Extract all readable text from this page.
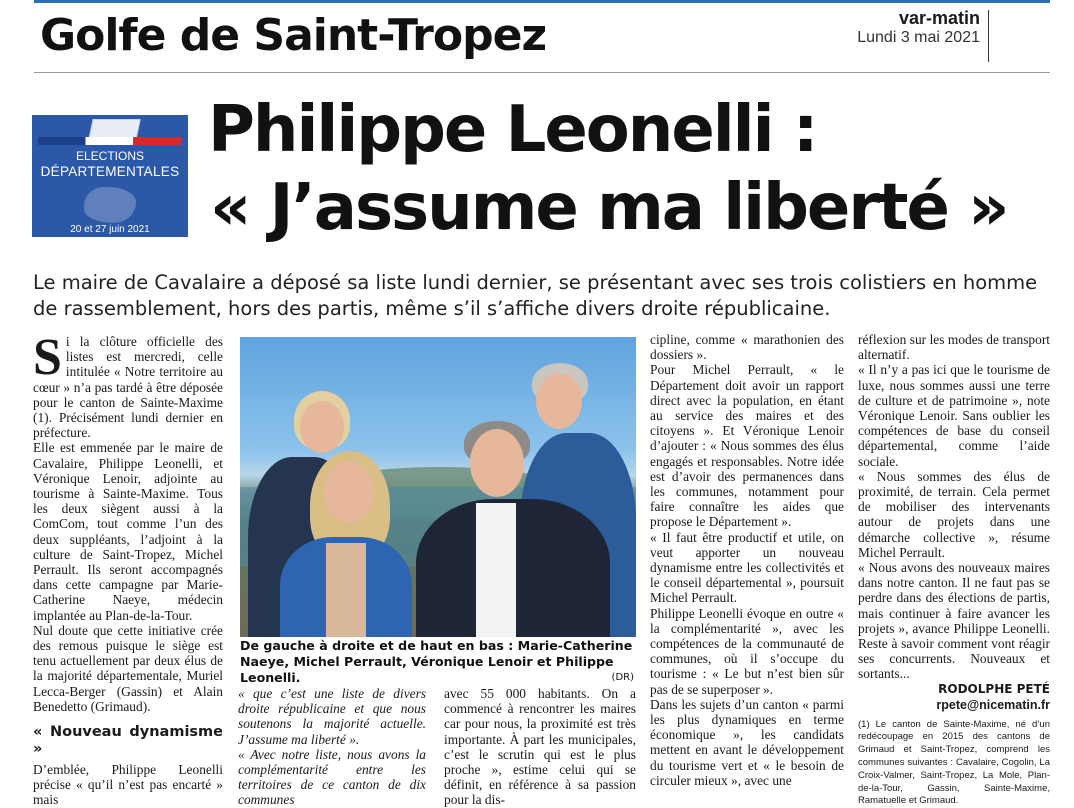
Golfe de Saint-Tropez	var-matin
Lundi 3 mai 2021
ELECTIONS
DÉPARTEMENTALES
20 et 27 juin 2021
Philippe Leonelli :
« J’assume ma liberté »
Le maire de Cavalaire a déposé sa liste lundi dernier, se présentant avec ses trois colistiers en homme de rassemblement, hors des partis, même s’il s’affiche divers droite républicaine.

Si la clôture officielle des listes est mercredi, celle intitulée « Notre territoire au cœur » n’a pas tardé à être déposée pour le canton de Sainte-Maxime (1). Précisément lundi dernier en préfecture.

Elle est emmenée par le maire de Cavalaire, Philippe Leonelli, et Véronique Lenoir, adjointe au tourisme à Sainte-Maxime. Tous les deux siègent aussi à la ComCom, tout comme l’un des deux suppléants, l’adjoint à la culture de Saint-Tropez, Michel Perrault. Ils seront accompagnés dans cette campagne par Marie-Catherine Naeye, médecin implantée au Plan-de-la-Tour.

Nul doute que cette initiative crée des remous puisque le siège est tenu actuellement par deux élus de la majorité départementale, Muriel Lecca-Berger (Gassin) et Alain Benedetto (Grimaud).

« Nouveau dynamisme »

D’emblée, Philippe Leonelli précise « qu’il n’est pas encarté » mais

De gauche à droite et de haut en bas : Marie-Catherine Naeye, Michel Perrault, Véronique Lenoir et Philippe Leonelli.	(DR)

« que c’est une liste de divers droite républicaine et que nous soutenons la majorité actuelle. J’assume ma liberté ».

« Avec notre liste, nous avons la complémentarité entre les territoires de ce canton de dix communes

avec 55 000 habitants. On a commencé à rencontrer les maires car pour nous, la proximité est très importante. À part les municipales, c’est le scrutin qui est le plus proche », estime celui qui se définit, en référence à sa passion pour la dis-

cipline, comme « marathonien des dossiers ».

Pour Michel Perrault, « le Département doit avoir un rapport direct avec la population, en étant au service des maires et des citoyens ». Et Véronique Lenoir d’ajouter : « Nous sommes des élus engagés et responsables. Notre idée est d’avoir des permanences dans les communes, notamment pour faire connaître les aides que propose le Département ».

« Il faut être productif et utile, on veut apporter un nouveau dynamisme entre les collectivités et le conseil départemental », poursuit Michel Perrault.

Philippe Leonelli évoque en outre « la complémentarité », avec les compétences de la communauté de communes, où il s’occupe du tourisme : « Le but n’est bien sûr pas de se superposer ».

Dans les sujets d’un canton « parmi les plus dynamiques en terme économique », les candidats mettent en avant le développement du tourisme vert et « le besoin de circuler mieux », avec une

réflexion sur les modes de transport alternatif.

« Il n’y a pas ici que le tourisme de luxe, nous sommes aussi une terre de culture et de patrimoine », note Véronique Lenoir. Sans oublier les compétences de base du conseil départemental, comme l’aide sociale.

« Nous sommes des élus de proximité, de terrain. Cela permet de mobiliser des intervenants autour de projets dans une démarche collective », résume Michel Perrault.

« Nous avons des nouveaux maires dans notre canton. Il ne faut pas se perdre dans des élections de partis, mais continuer à faire avancer les projets », avance Philippe Leonelli. Reste à savoir comment vont réagir ses concurrents. Nouveaux et sortants...

RODOLPHE PETÉ

rpete@nicematin.fr

(1) Le canton de Sainte-Maxime, né d’un redécoupage en 2015 des cantons de Grimaud et Saint-Tropez, comprend les communes suivantes : Cavalaire, Cogolin, La Croix-Valmer, Saint-Tropez, La Mole, Plan-de-la-Tour, Gassin, Sainte-Maxime, Ramatuelle et Grimaud.
